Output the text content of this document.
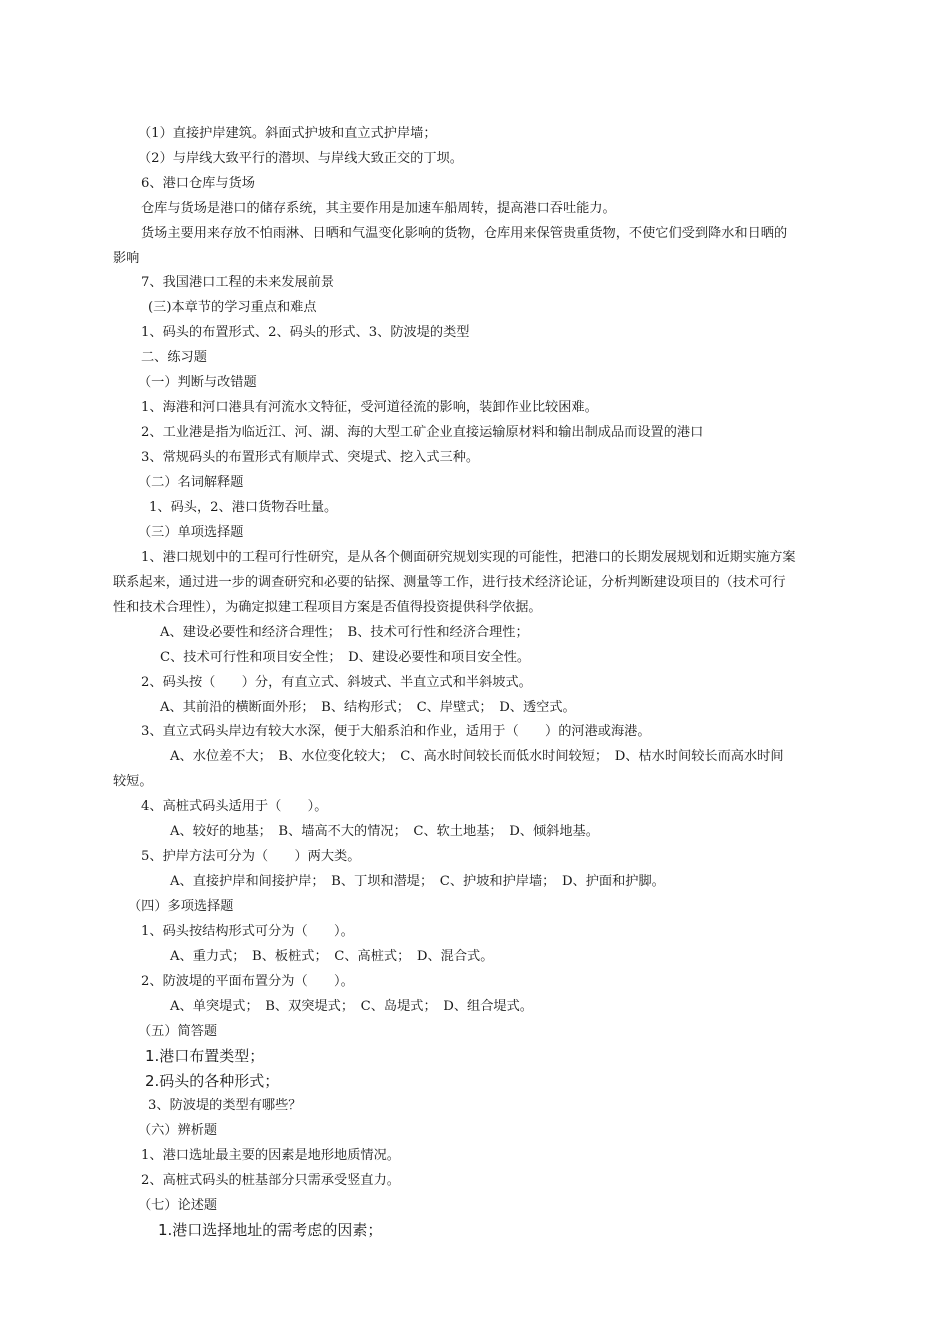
（1）直接护岸建筑。斜面式护坡和直立式护岸墙；
（2）与岸线大致平行的潜坝、与岸线大致正交的丁坝。
6、港口仓库与货场
仓库与货场是港口的储存系统，其主要作用是加速车船周转，提高港口吞吐能力。
货场主要用来存放不怕雨淋、日晒和气温变化影响的货物，仓库用来保管贵重货物，不使它们受到降水和日晒的
影响
7、我国港口工程的未来发展前景
(三)本章节的学习重点和难点
1、码头的布置形式、2、码头的形式、3、防波堤的类型
二、练习题
（一）判断与改错题
1、海港和河口港具有河流水文特征，受河道径流的影响，装卸作业比较困难。
2、工业港是指为临近江、河、湖、海的大型工矿企业直接运输原材料和输出制成品而设置的港口
3、常规码头的布置形式有顺岸式、突堤式、挖入式三种。
（二）名词解释题
1、码头，2、港口货物吞吐量。
（三）单项选择题
1、港口规划中的工程可行性研究，是从各个侧面研究规划实现的可能性，把港口的长期发展规划和近期实施方案
联系起来，通过进一步的调查研究和必要的钻探、测量等工作，进行技术经济论证，分析判断建设项目的（技术可行
性和技术合理性），为确定拟建工程项目方案是否值得投资提供科学依据。
A、建设必要性和经济合理性；　B、技术可行性和经济合理性；
C、技术可行性和项目安全性；　D、建设必要性和项目安全性。
2、码头按（　　）分，有直立式、斜坡式、半直立式和半斜坡式。
A、其前沿的横断面外形；　B、结构形式；　C、岸壁式；　D、透空式。
3、直立式码头岸边有较大水深，便于大船系泊和作业，适用于（　　）的河港或海港。
A、水位差不大；　B、水位变化较大；　C、高水时间较长而低水时间较短；　D、枯水时间较长而高水时间
较短。
4、高桩式码头适用于（　　）。
A、较好的地基；　B、墙高不大的情况；　C、软土地基；　D、倾斜地基。
5、护岸方法可分为（　　）两大类。
A、直接护岸和间接护岸；　B、丁坝和潜堤；　C、护坡和护岸墙；　D、护面和护脚。
（四）多项选择题
1、码头按结构形式可分为（　　）。
A、重力式；　B、板桩式；　C、高桩式；　D、混合式。
2、防波堤的平面布置分为（　　）。
A、单突堤式；　B、双突堤式；　C、岛堤式；　D、组合堤式。
（五）简答题
1.港口布置类型；
2.码头的各种形式；
3、防波堤的类型有哪些？
（六）辨析题
1、港口选址最主要的因素是地形地质情况。
2、高桩式码头的桩基部分只需承受竖直力。
（七）论述题
1.港口选择地址的需考虑的因素；
